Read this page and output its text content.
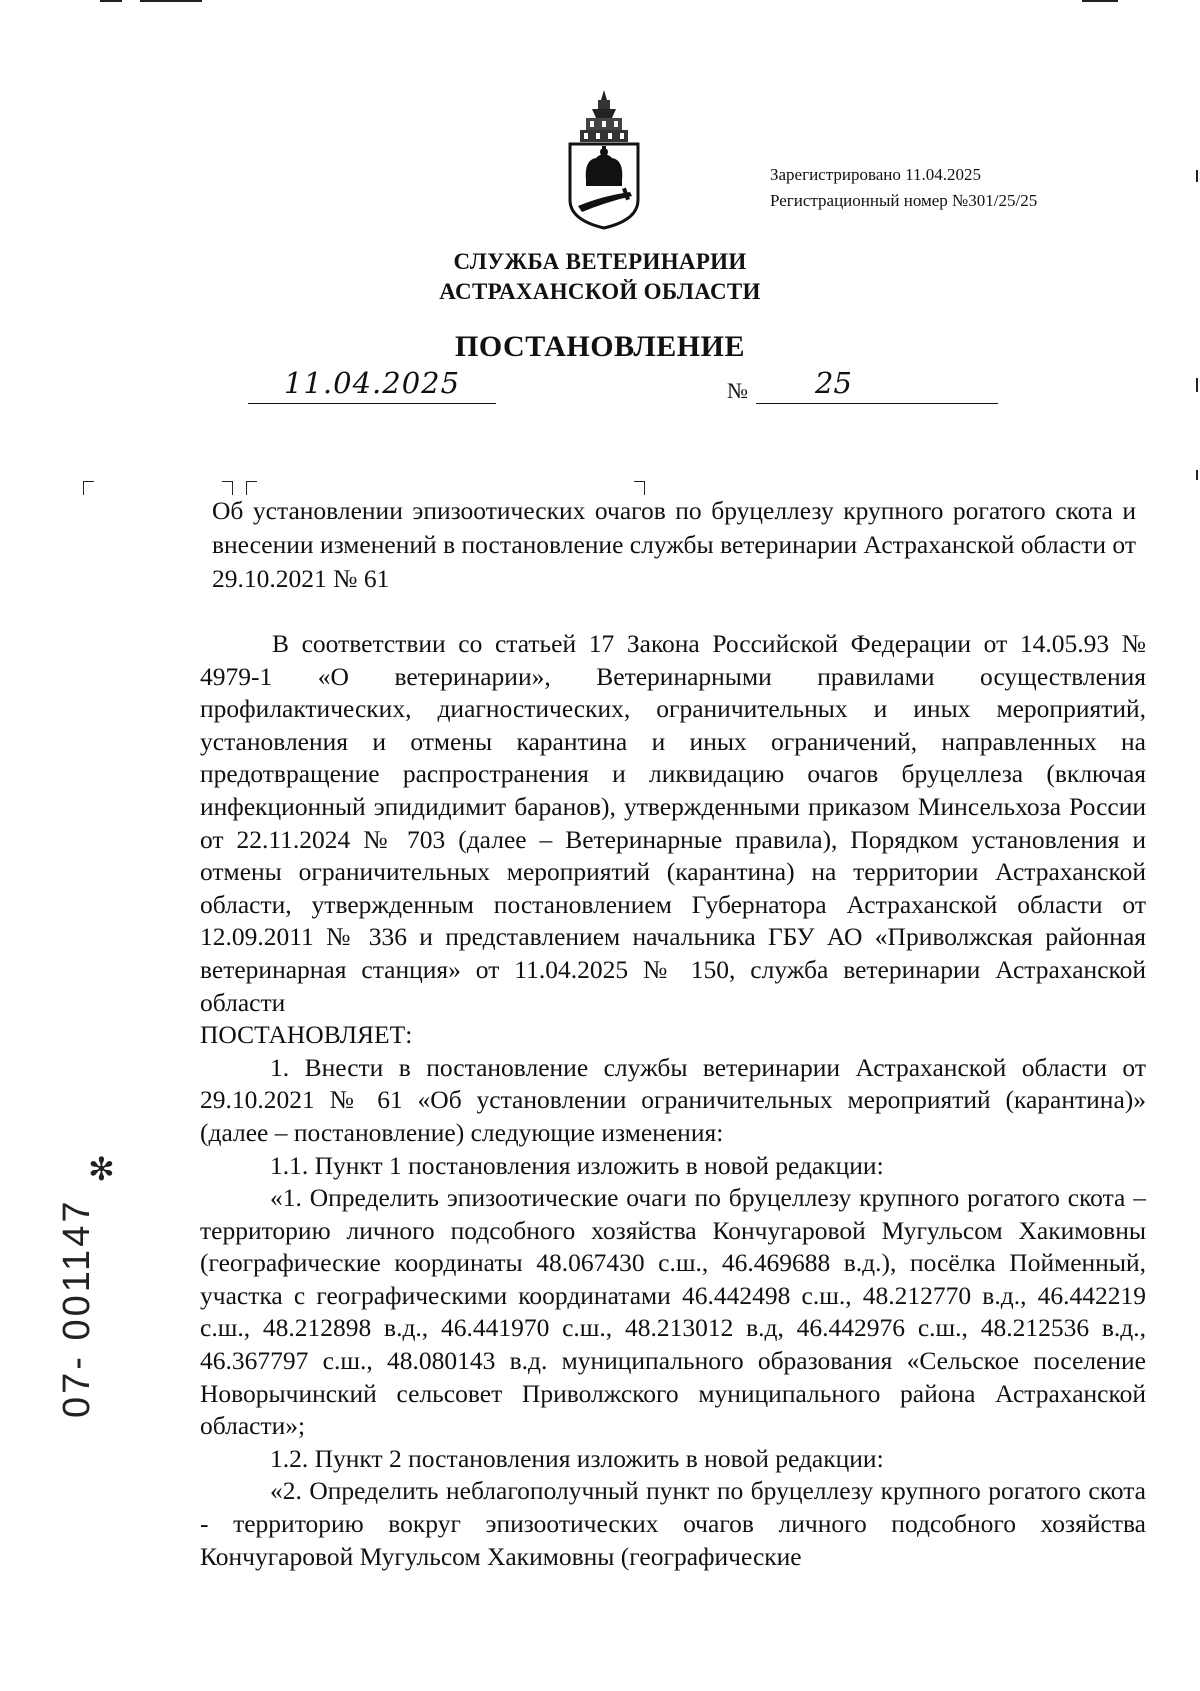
Зарегистрировано 11.04.2025
Регистрационный номер №301/25/25
СЛУЖБА ВЕТЕРИНАРИИ
АСТРАХАНСКОЙ ОБЛАСТИ
ПОСТАНОВЛЕНИЕ
11.04.2025	№ 25
Об установлении эпизоотических очагов по бруцеллезу крупного рогатого скота и внесении изменений в постановление службы ветеринарии Астраханской области от 29.10.2021 № 61

В соответствии со статьей 17 Закона Российской Федерации от 14.05.93 № 4979-1 «О ветеринарии», Ветеринарными правилами осуществления профилактических, диагностических, ограничительных и иных мероприятий, установления и отмены карантина и иных ограничений, направленных на предотвращение распространения и ликвидацию очагов бруцеллеза (включая инфекционный эпидидимит баранов), утвержденными приказом Минсельхоза России от 22.11.2024 № 703 (далее – Ветеринарные правила), Порядком установления и отмены ограничительных мероприятий (карантина) на территории Астраханской области, утвержденным постановлением Губернатора Астраханской области от 12.09.2011 № 336 и представлением начальника ГБУ АО «Приволжская районная ветеринарная станция» от 11.04.2025 № 150, служба ветеринарии Астраханской области

ПОСТАНОВЛЯЕТ:

1. Внести в постановление службы ветеринарии Астраханской области от 29.10.2021 № 61 «Об установлении ограничительных мероприятий (карантина)» (далее – постановление) следующие изменения:

1.1. Пункт 1 постановления изложить в новой редакции:

«1. Определить эпизоотические очаги по бруцеллезу крупного рогатого скота – территорию личного подсобного хозяйства Кончугаровой Мугульсом Хакимовны (географические координаты 48.067430 с.ш., 46.469688 в.д.), посёлка Пойменный, участка с географическими координатами 46.442498 с.ш., 48.212770 в.д., 46.442219 с.ш., 48.212898 в.д., 46.441970 с.ш., 48.213012 в.д, 46.442976 с.ш., 48.212536 в.д., 46.367797 с.ш., 48.080143 в.д. муниципального образования «Сельское поселение Новорычинский сельсовет Приволжского муниципального района Астраханской области»;

1.2. Пункт 2 постановления изложить в новой редакции:

«2. Определить неблагополучный пункт по бруцеллезу крупного рогатого скота - территорию вокруг эпизоотических очагов личного подсобного хозяйства Кончугаровой Мугульсом Хакимовны (географические

✻
07- 001147
